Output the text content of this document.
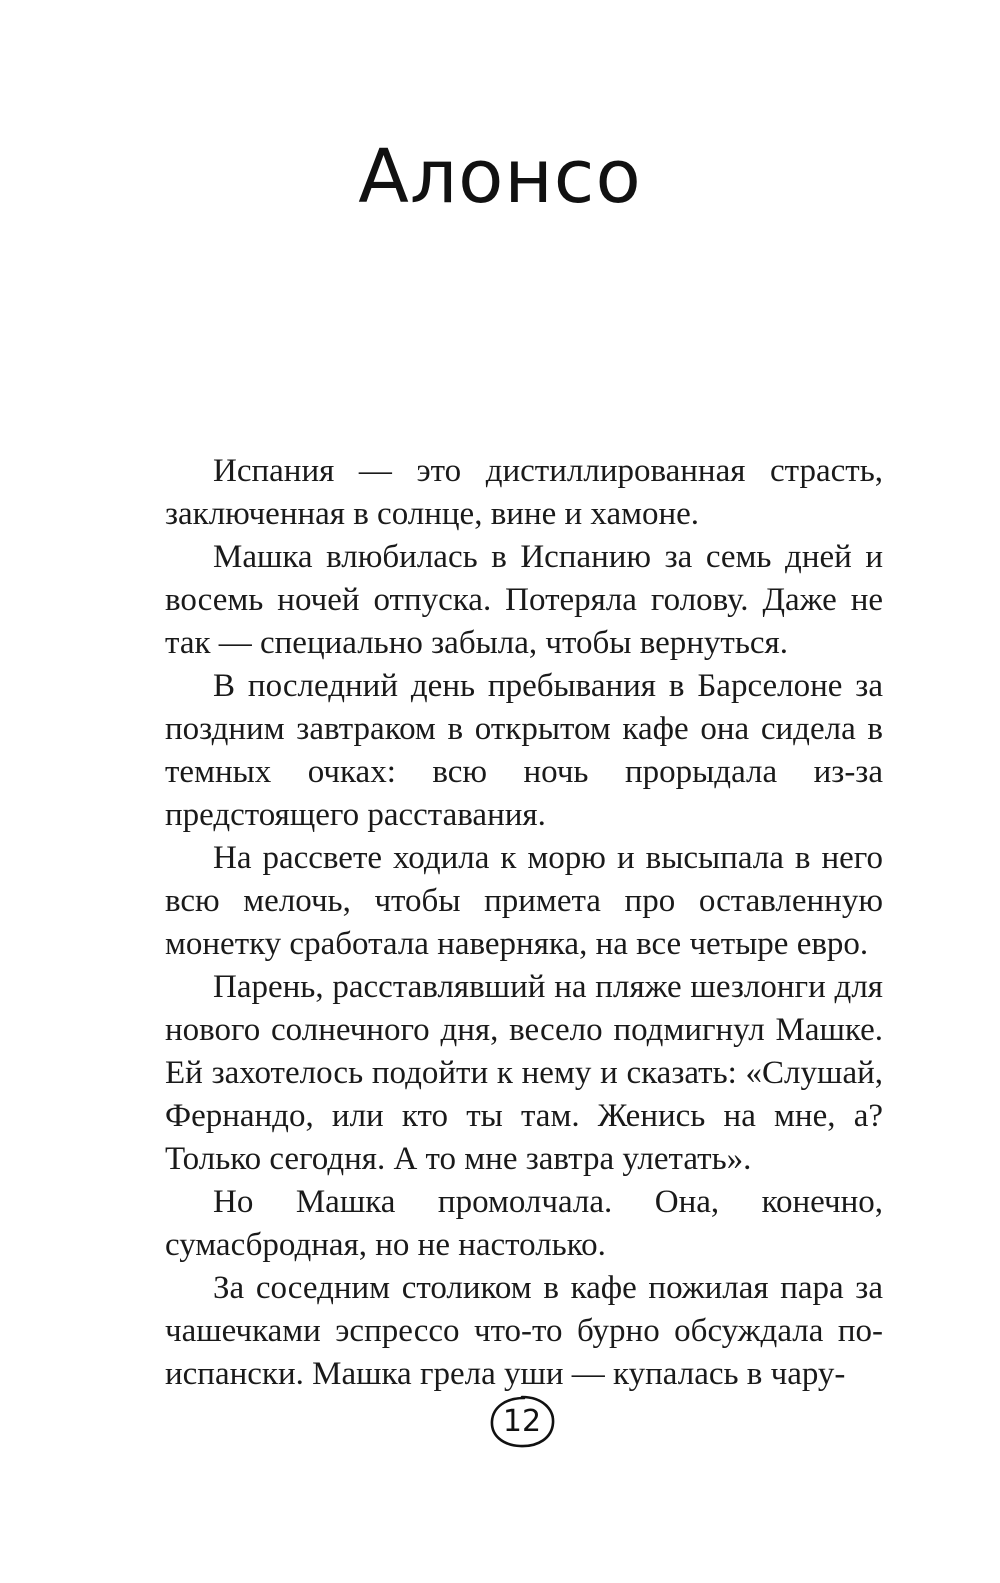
Алонсо

Испания — это дистиллированная страсть, заключенная в солнце, вине и хамоне.

Машка влюбилась в Испанию за семь дней и восемь ночей отпуска. Потеряла голову. Даже не так — специально забыла, чтобы вернуться.

В последний день пребывания в Барселоне за поздним завтраком в открытом кафе она сидела в темных очках: всю ночь прорыдала из-за предстоящего расставания.

На рассвете ходила к морю и высыпала в него всю мелочь, чтобы примета про оставленную монетку сработала наверняка, на все четыре евро.

Парень, расставлявший на пляже шезлонги для нового солнечного дня, весело подмигнул Машке. Ей захотелось подойти к нему и сказать: «Слушай, Фернандо, или кто ты там. Женись на мне, а? Только сегодня. А то мне завтра улетать».

Но Машка промолчала. Она, конечно, сумасбродная, но не настолько.

За соседним столиком в кафе пожилая пара за чашечками эспрессо что-то бурно обсуждала по-испански. Машка грела уши — купалась в чару-

12
